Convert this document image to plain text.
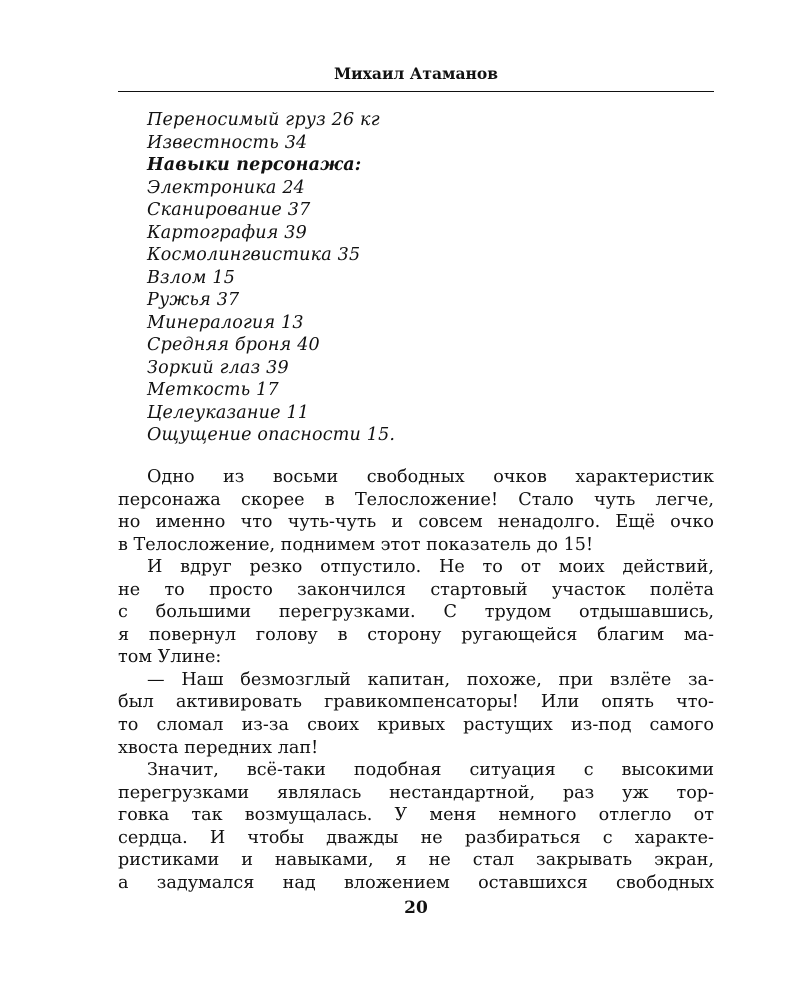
Михаил Атаманов
Переносимый груз 26 кг
Известность 34
Навыки персонажа:
Электроника 24
Сканирование 37
Картография 39
Космолингвистика 35
Взлом 15
Ружья 37
Минералогия 13
Средняя броня 40
Зоркий глаз 39
Меткость 17
Целеуказание 11
Ощущение опасности 15.
Одно из восьми свободных очков характеристик
персонажа скорее в Телосложение! Стало чуть легче,
но именно что чуть-чуть и совсем ненадолго. Ещё очко
в Телосложение, поднимем этот показатель до 15!
И вдруг резко отпустило. Не то от моих действий,
не то просто закончился стартовый участок полёта
с большими перегрузками. С трудом отдышавшись,
я повернул голову в сторону ругающейся благим ма-
том Улине:
— Наш безмозглый капитан, похоже, при взлёте за-
был активировать гравикомпенсаторы! Или опять что-
то сломал из-за своих кривых растущих из-под самого
хвоста передних лап!
Значит, всё-таки подобная ситуация с высокими
перегрузками являлась нестандартной, раз уж тор-
говка так возмущалась. У меня немного отлегло от
сердца. И чтобы дважды не разбираться с характе-
ристиками и навыками, я не стал закрывать экран,
а задумался над вложением оставшихся свободных
20
